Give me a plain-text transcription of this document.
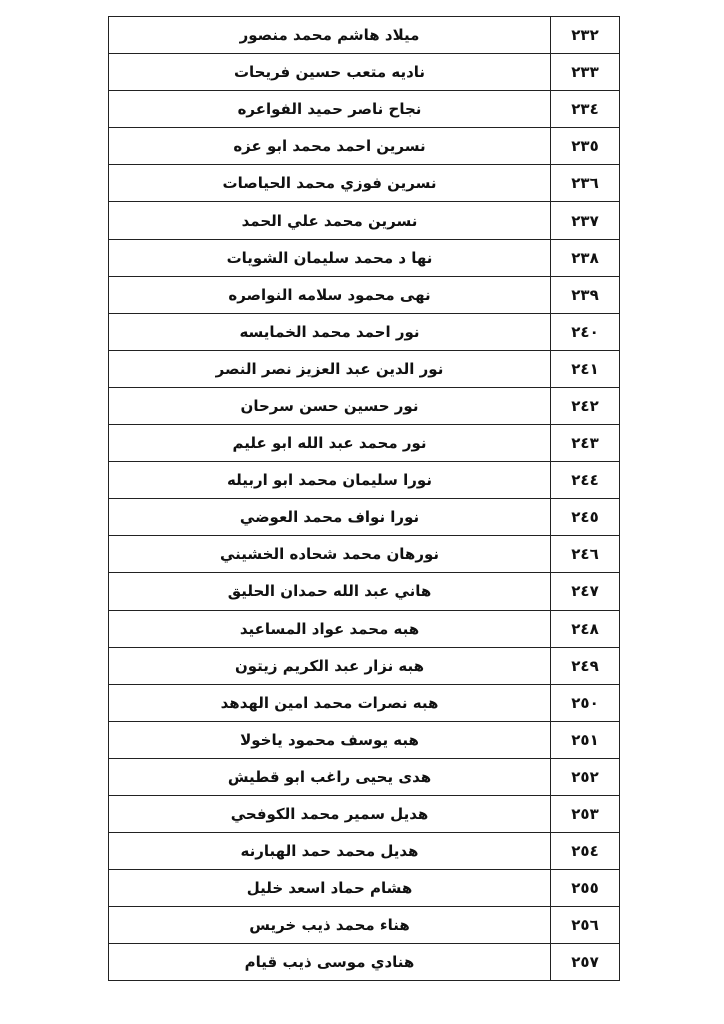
ميلاد هاشم محمد منصور	٢٣٢
ناديه متعب حسين فريحات	٢٣٣
نجاح ناصر حميد الفواعره	٢٣٤
نسرين احمد محمد ابو عزه	٢٣٥
نسرين فوزي محمد الحياصات	٢٣٦
نسرين محمد علي الحمد	٢٣٧
نها د محمد سليمان الشويات	٢٣٨
نهى محمود سلامه النواصره	٢٣٩
نور احمد محمد الخمايسه	٢٤٠
نور الدين عبد العزيز نصر النصر	٢٤١
نور حسين حسن سرحان	٢٤٢
نور محمد عبد الله ابو عليم	٢٤٣
نورا سليمان محمد ابو اربيله	٢٤٤
نورا نواف محمد العوضي	٢٤٥
نورهان محمد شحاده الخشيني	٢٤٦
هاني عبد الله حمدان الحليق	٢٤٧
هبه محمد عواد المساعيد	٢٤٨
هبه نزار عبد الكريم زيتون	٢٤٩
هبه نصرات محمد امين الهدهد	٢٥٠
هبه يوسف محمود ياخولا	٢٥١
هدى يحيى راغب ابو قطيش	٢٥٢
هديل سمير محمد الكوفحي	٢٥٣
هديل محمد حمد الهبارنه	٢٥٤
هشام حماد اسعد خليل	٢٥٥
هناء محمد ذيب خريس	٢٥٦
هنادي موسى ذيب قيام	٢٥٧
